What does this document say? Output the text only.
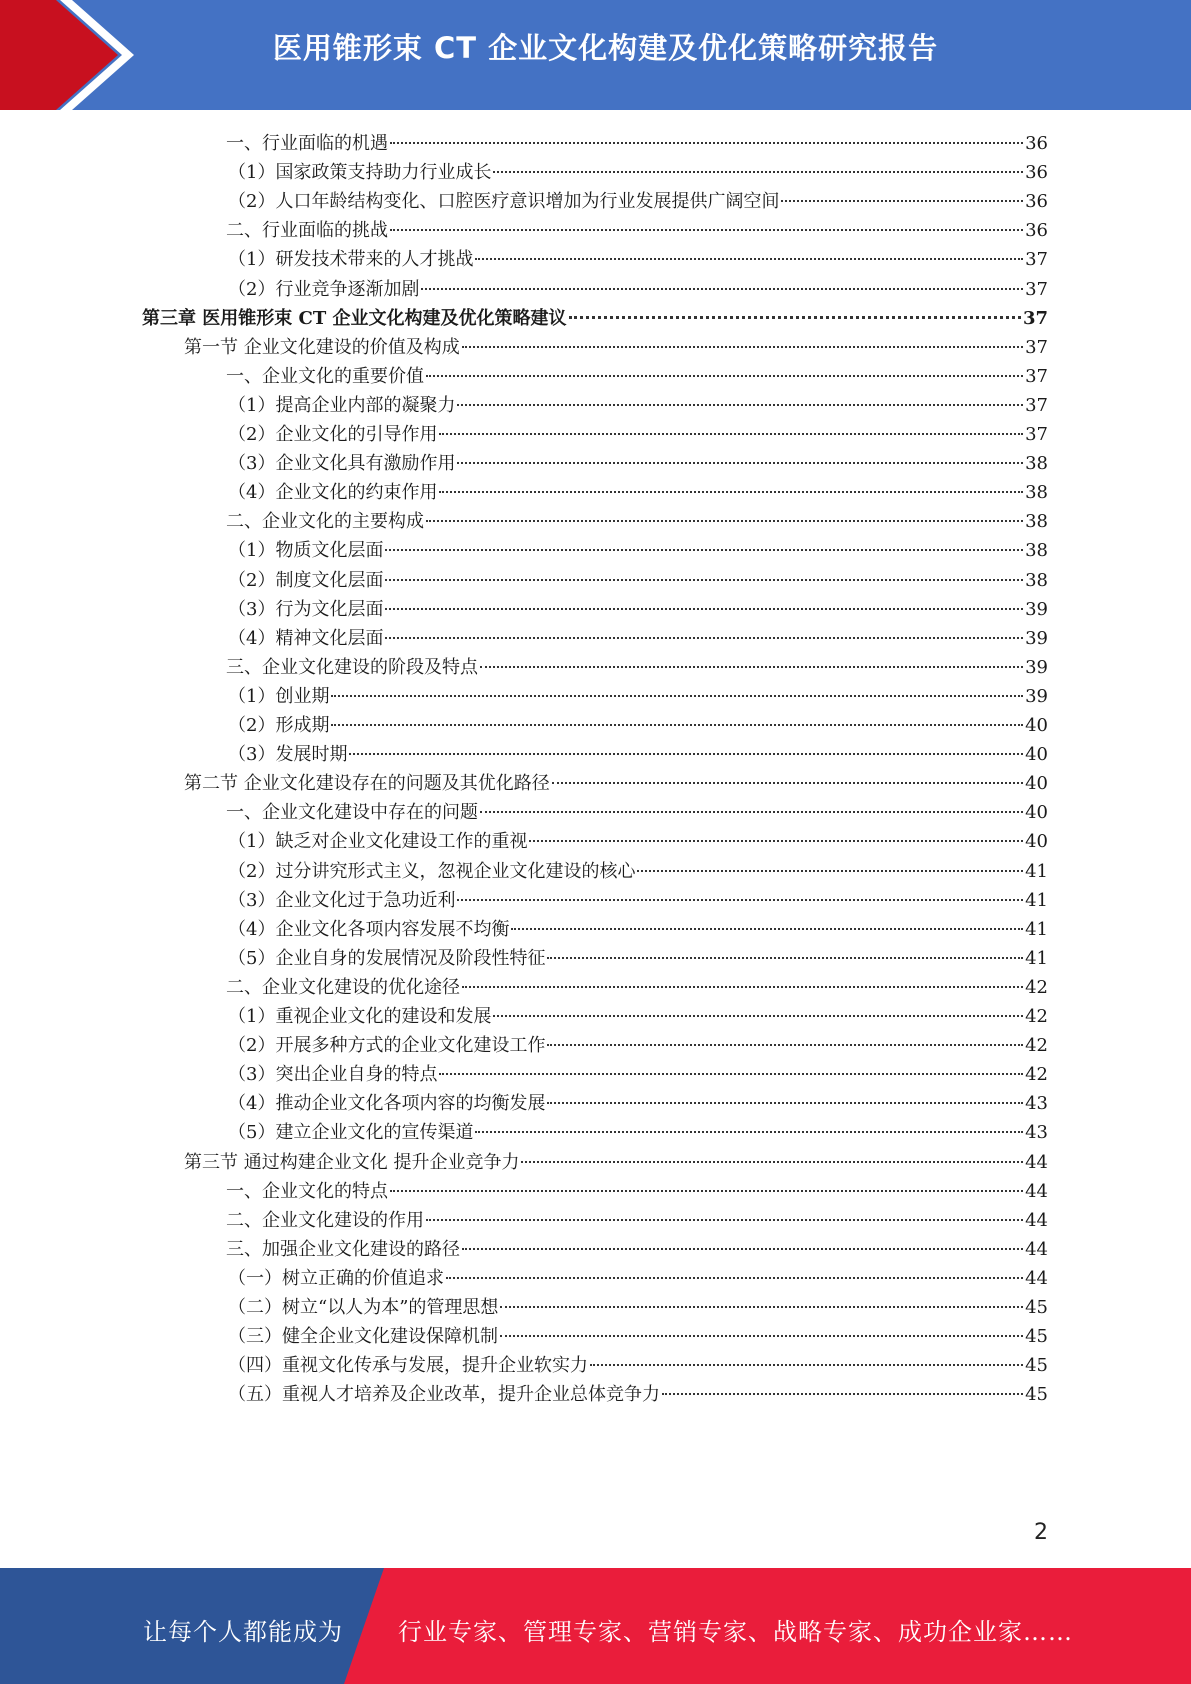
医用锥形束 CT 企业文化构建及优化策略研究报告
一、行业面临的机遇	36
（1）国家政策支持助力行业成长	36
（2）人口年龄结构变化、口腔医疗意识增加为行业发展提供广阔空间	36
二、行业面临的挑战	36
（1）研发技术带来的人才挑战	37
（2）行业竞争逐渐加剧	37
第三章 医用锥形束 CT 企业文化构建及优化策略建议	37
第一节 企业文化建设的价值及构成	37
一、企业文化的重要价值	37
（1）提高企业内部的凝聚力	37
（2）企业文化的引导作用	37
（3）企业文化具有激励作用	38
（4）企业文化的约束作用	38
二、企业文化的主要构成	38
（1）物质文化层面	38
（2）制度文化层面	38
（3）行为文化层面	39
（4）精神文化层面	39
三、企业文化建设的阶段及特点	39
（1）创业期	39
（2）形成期	40
（3）发展时期	40
第二节 企业文化建设存在的问题及其优化路径	40
一、企业文化建设中存在的问题	40
（1）缺乏对企业文化建设工作的重视	40
（2）过分讲究形式主义，忽视企业文化建设的核心	41
（3）企业文化过于急功近利	41
（4）企业文化各项内容发展不均衡	41
（5）企业自身的发展情况及阶段性特征	41
二、企业文化建设的优化途径	42
（1）重视企业文化的建设和发展	42
（2）开展多种方式的企业文化建设工作	42
（3）突出企业自身的特点	42
（4）推动企业文化各项内容的均衡发展	43
（5）建立企业文化的宣传渠道	43
第三节 通过构建企业文化 提升企业竞争力	44
一、企业文化的特点	44
二、企业文化建设的作用	44
三、加强企业文化建设的路径	44
（一）树立正确的价值追求	44
（二）树立“以人为本”的管理思想	45
（三）健全企业文化建设保障机制	45
（四）重视文化传承与发展，提升企业软实力	45
（五）重视人才培养及企业改革，提升企业总体竞争力	45
2
让每个人都能成为 行业专家、管理专家、营销专家、战略专家、成功企业家……
